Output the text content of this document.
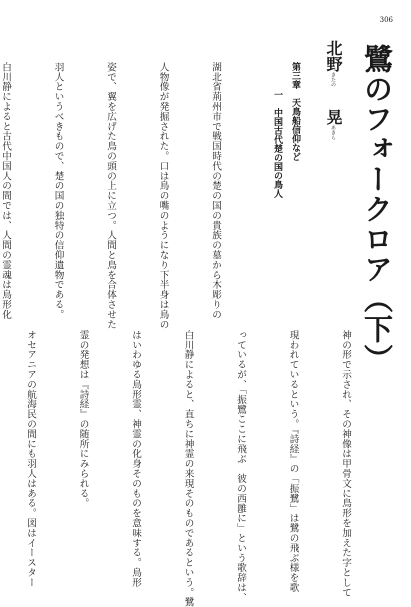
306
鷺のフォークロア（下）
北野きたの晃あきら
第三章　天鳥船信仰など
一　中国古代楚の国の鳥人

湖北省荊州市で戦国時代の楚の国の貴族の墓から木彫りの

人物像が発掘された。口は鳥の嘴のようになり下半身は鳥の

姿で、翼を広げた鳥の頭の上に立つ。人間と鳥を合体させた

羽人というべきもので、楚の国の独特の信仰遺物である。

白川静によると古代中国人の間では、人間の霊魂は鳥形化

神の形で示され、その神像は甲骨文に鳥形を加えた字として

現われているという。『詩経』の「振鷺」は鷺の飛ぶ様を歌

っているが、「振鷺ここに飛ぶ　彼の西雝に」という歌辞は、

白川静によると、直ちに神霊の来現そのものであるという。鷺

はいわゆる鳥形霊、神霊の化身そのものを意味する。鳥形

霊の発想は『詩経』の随所にみられる。

オセアニアの航海民の間にも羽人はある。図はイースター
